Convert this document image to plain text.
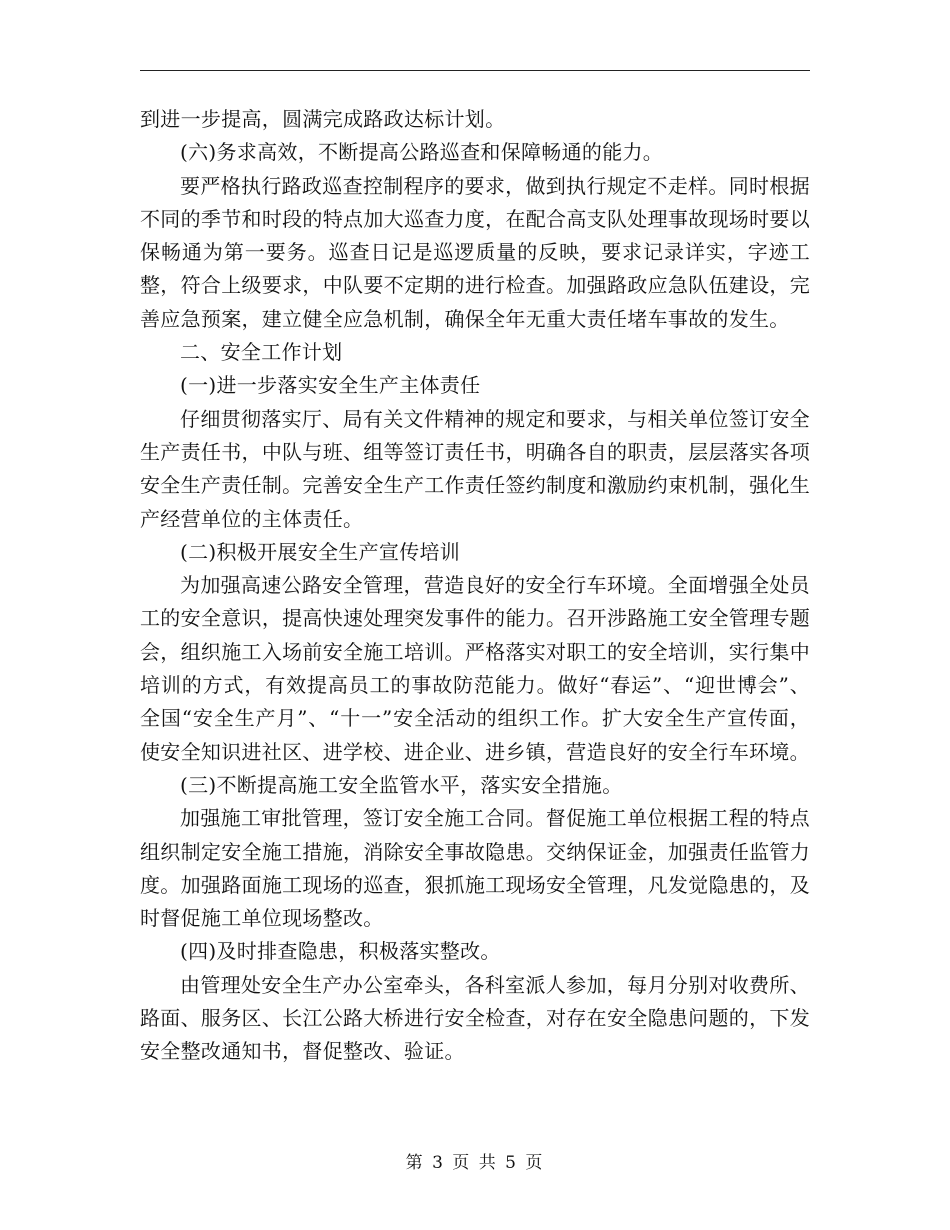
到进一步提高，圆满完成路政达标计划。

(六)务求高效，不断提高公路巡查和保障畅通的能力。

要严格执行路政巡查控制程序的要求，做到执行规定不走样。同时根据不同的季节和时段的特点加大巡查力度，在配合高支队处理事故现场时要以保畅通为第一要务。巡查日记是巡逻质量的反映，要求记录详实，字迹工整，符合上级要求，中队要不定期的进行检查。加强路政应急队伍建设，完善应急预案，建立健全应急机制，确保全年无重大责任堵车事故的发生。

二、安全工作计划

(一)进一步落实安全生产主体责任

仔细贯彻落实厅、局有关文件精神的规定和要求，与相关单位签订安全生产责任书，中队与班、组等签订责任书，明确各自的职责，层层落实各项安全生产责任制。完善安全生产工作责任签约制度和激励约束机制，强化生产经营单位的主体责任。

(二)积极开展安全生产宣传培训

为加强高速公路安全管理，营造良好的安全行车环境。全面增强全处员工的安全意识，提高快速处理突发事件的能力。召开涉路施工安全管理专题会，组织施工入场前安全施工培训。严格落实对职工的安全培训，实行集中培训的方式，有效提高员工的事故防范能力。做好“春运”、“迎世博会”、全国“安全生产月”、“十一”安全活动的组织工作。扩大安全生产宣传面，使安全知识进社区、进学校、进企业、进乡镇，营造良好的安全行车环境。

(三)不断提高施工安全监管水平，落实安全措施。

加强施工审批管理，签订安全施工合同。督促施工单位根据工程的特点组织制定安全施工措施，消除安全事故隐患。交纳保证金，加强责任监管力度。加强路面施工现场的巡查，狠抓施工现场安全管理，凡发觉隐患的，及时督促施工单位现场整改。

(四)及时排查隐患，积极落实整改。

由管理处安全生产办公室牵头，各科室派人参加，每月分别对收费所、路面、服务区、长江公路大桥进行安全检查，对存在安全隐患问题的，下发安全整改通知书，督促整改、验证。

第 3 页 共 5 页
